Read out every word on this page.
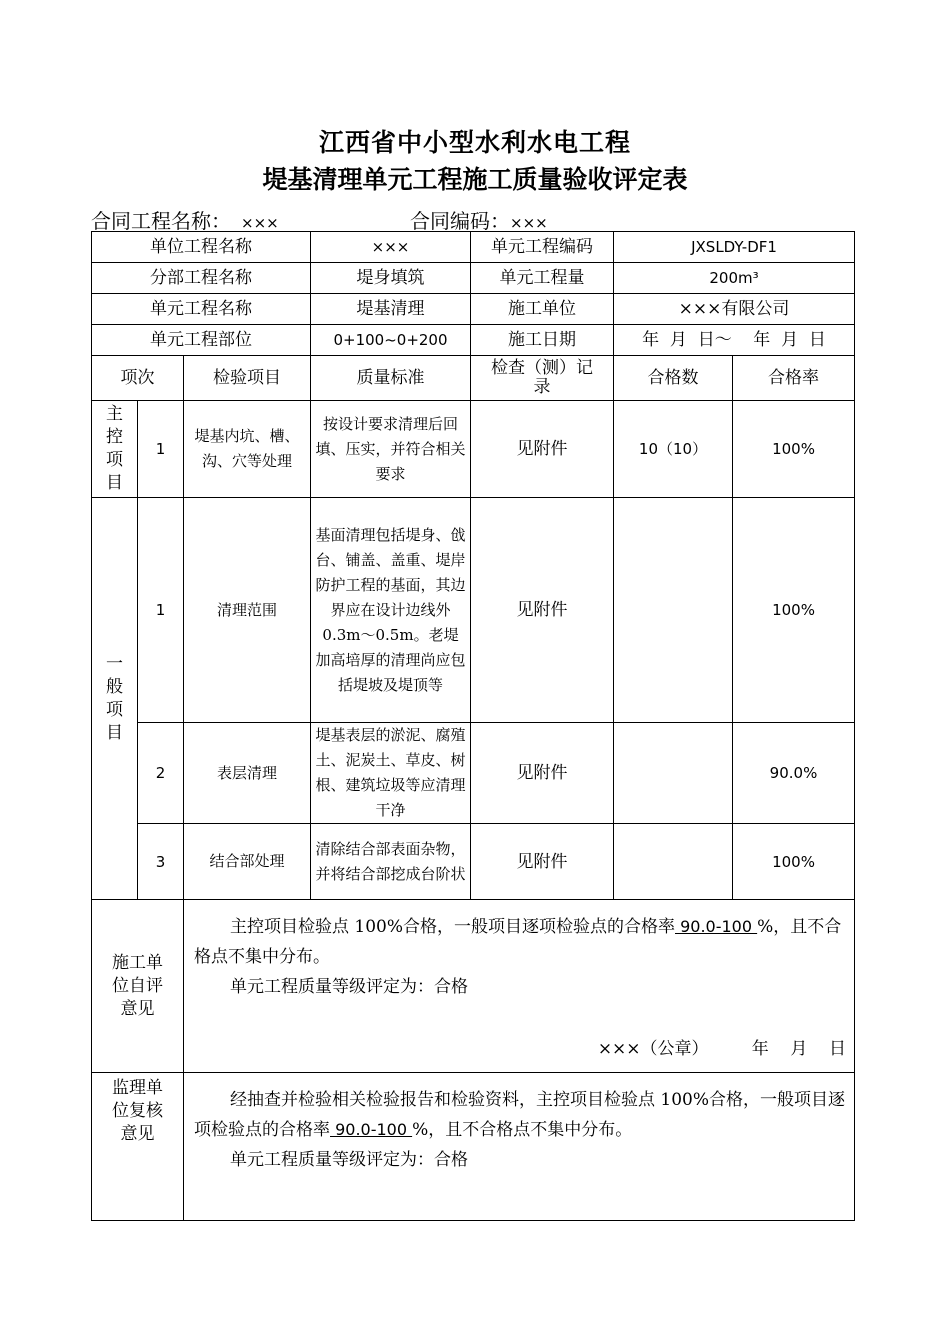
江西省中小型水利水电工程
堤基清理单元工程施工质量验收评定表
合同工程名称： ×××	合同编码：×××
单位工程名称			×××	单元工程编码	JXSLDY-DF1	
分部工程名称			堤身填筑	单元工程量	200m³	
单元工程名称			堤基清理	施工单位	×××有限公司	
单元工程部位			0+100~0+200	施工日期	年  月  日～    年  月  日	
项次		检验项目	质量标准	检查（测）记录	合格数	合格率
主控项目	1	堤基内坑、槽、沟、穴等处理	按设计要求清理后回填、压实，并符合相关要求	见附件	10（10）	100%
一般项目	1	清理范围	基面清理包括堤身、戗台、铺盖、盖重、堤岸防护工程的基面，其边界应在设计边线外0.3m～0.5m。老堤加高培厚的清理尚应包括堤坡及堤顶等	见附件		100%
	2	表层清理	堤基表层的淤泥、腐殖土、泥炭土、草皮、树根、建筑垃圾等应清理干净	见附件		90.0%
	3	结合部处理	清除结合部表面杂物，并将结合部挖成台阶状	见附件		100%
施工单位自评意见		主控项目检验点 100%合格，一般项目逐项检验点的合格率 90.0-100 %，且不合格点不集中分布。

单元工程质量等级评定为：合格

×××（公章）        年    月    日				

监理单位复核意见		经抽查并检验相关检验报告和检验资料，主控项目检验点 100%合格，一般项目逐项检验点的合格率 90.0-100 %，且不合格点不集中分布。

单元工程质量等级评定为：合格				
